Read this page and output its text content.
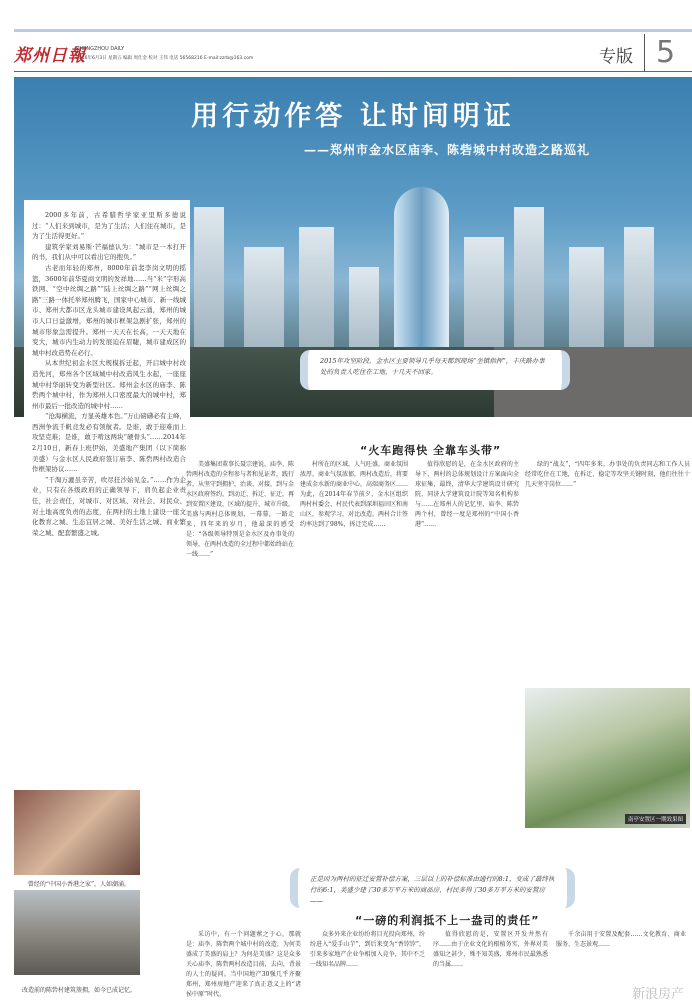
郑州日報
ZHENGZHOU DAILY
2016年6月3日 星期五 编辑 周仕金 校对 王伟 电话 56568216 E-mail:zzrb@163.com	专版 5
用行动作答 让时间明证
——郑州市金水区庙李、陈砦城中村改造之路巡礼

2000多年前，古希腊哲学家亚里斯多德说过：“人们来到城市，是为了生活；人们住在城市，是为了生活得更好。”

建筑学家刘易斯·芒福德认为：“城市是一本打开的书，我们从中可以看出它的抱负。”

古老而年轻的郑州，8000年前裴李岗文明的摇篮，3600年前华夏商文明的发祥地……当“米”字形高铁网、“空中丝绸之路”“陆上丝绸之路”“网上丝绸之路”三路一体托举郑州腾飞，国家中心城市、新一线城市、郑州大都市区龙头城市建设风起云涌，郑州的城市人口日益激增，郑州的城市框架急剧扩张，郑州的城市形象急需提升。郑州一天天在长高，一天天地在变大，城市内生动力的发展迫在眉睫，城市建成区的城中村改造势在必行。

从本世纪初金水区大规模拆迁起，开启城中村改造先河，郑州各个区域城中村改造风生水起，一座座城中村华丽转变为新型社区。郑州金水区的庙李、陈砦两个城中村，作为郑州人口密度最大的城中村，郑州市最后一批改造的城中村……

“沧海横流，方显英雄本色。”万山磅礴必有主峰，西洲争流千帆竞发必有领航者。是谁，敢于迎难而上攻坚克难；是谁，敢于啃这两块“硬骨头”……2014年2月10日，新春上班伊始，美盛地产集团（以下简称美盛）与金水区人民政府签订庙李、陈砦两村改造合作框架协议……

“千淘万漉虽辛苦，吹尽狂沙始见金。”……作为企业，只有在各级政府的正确领导下，肩负起企业责任，社会责任，对城市、对区域、对社会、对民众、对土地高度负责的态度，在两村的土地上建设一座文化教育之城、生态宜居之城、美好生活之城、商业繁荣之城、配套繁盛之城。

曾经的“中国小香港之家”，人如潮涌。
改造前的陈砦村建筑簇拥，如今已成记忆。
2015年攻坚阶段，金水区主要领导几乎每天都到现场“坐镇指挥”，丰庆路办事处的负责人吃住在工地，十几天不回家。
“火车跑得快 全靠车头带”
美盛集团董事长聂宗建说，庙李、陈砦两村改造的全程参与者和见证者，践行者，从坚守到拥护，治谈、对接，到与金水区政府签约，到动迁、拆迁、征迁，再到安置区建设，区域的提升、城市升级，美盛与两村总体规划，一幕幕，一路走来，四年来的岁月，他最深的感受是：“各级领导特别是金水区及办事处的领导，在两村改造的全过程中都始终站在一线……”
村所在的区域，人气旺盛，商业氛围浓厚，商业气氛浓郁，两村改造后，将要建成金水新的商业中心，高端商务区……为此，在2014年春节前夕，金水区组织两村村委会、村民代表到深圳福田区和南山区，参观学习，对比改造。两村合计签约率达到了98%，拆迁完成……
值得欣慰的是，在金水区政府的主导下，两村的总体规划设计方案面向全球征集，最终，清华大学建筑设计研究院、同济大学建筑设计院等知名机构参与……在郑州人的记忆里，庙李、陈砦两个村，曾经一度是郑州的“中国小香港”……
绿的“战友”，“四年多来，办事处的负责同志和工作人员经常吃住在工地，在拆迁、稳定等攻坚关键时刻，他们往往十几天坚守岗位……”
南亭安置区一期效果图
正是因为两村的征迁安置补偿方案，三层以上的补偿标准由通行的8:1，变成了最终执行的6:1，美盛少建了30多万平方米的商品房，村民多得了30多万平方米的安置房——
“一磅的利润抵不上一盎司的责任”
采访中，有一个问题萦之于心，那就是：庙李、陈砦两个城中村的改造，为何美盛成了美盛的肩上？为何是美盛？这是众多关心庙李、陈砦两村改造目前，去向，背景的人士的疑问。当中国地产30强几乎齐聚郑州，郑州房地产迎来了真正意义上的“诸侯中原”时代。
众多外来企业纷纷将目光投向郑州，纷纷进入“爱手山芋”，到后来变为“香饽饽”，引来多家地产企业争相加入竞争，其中不乏一线知名品牌……
值得欣慰的是，安置区开发井然有序……由于企业文化的根植务实，外界对美盛知之甚少，殊不知美盛，郑州市民最熟悉的当属……
千余亩用于安置及配套……文化教育、商业服务、生态景观……
新浪房产
